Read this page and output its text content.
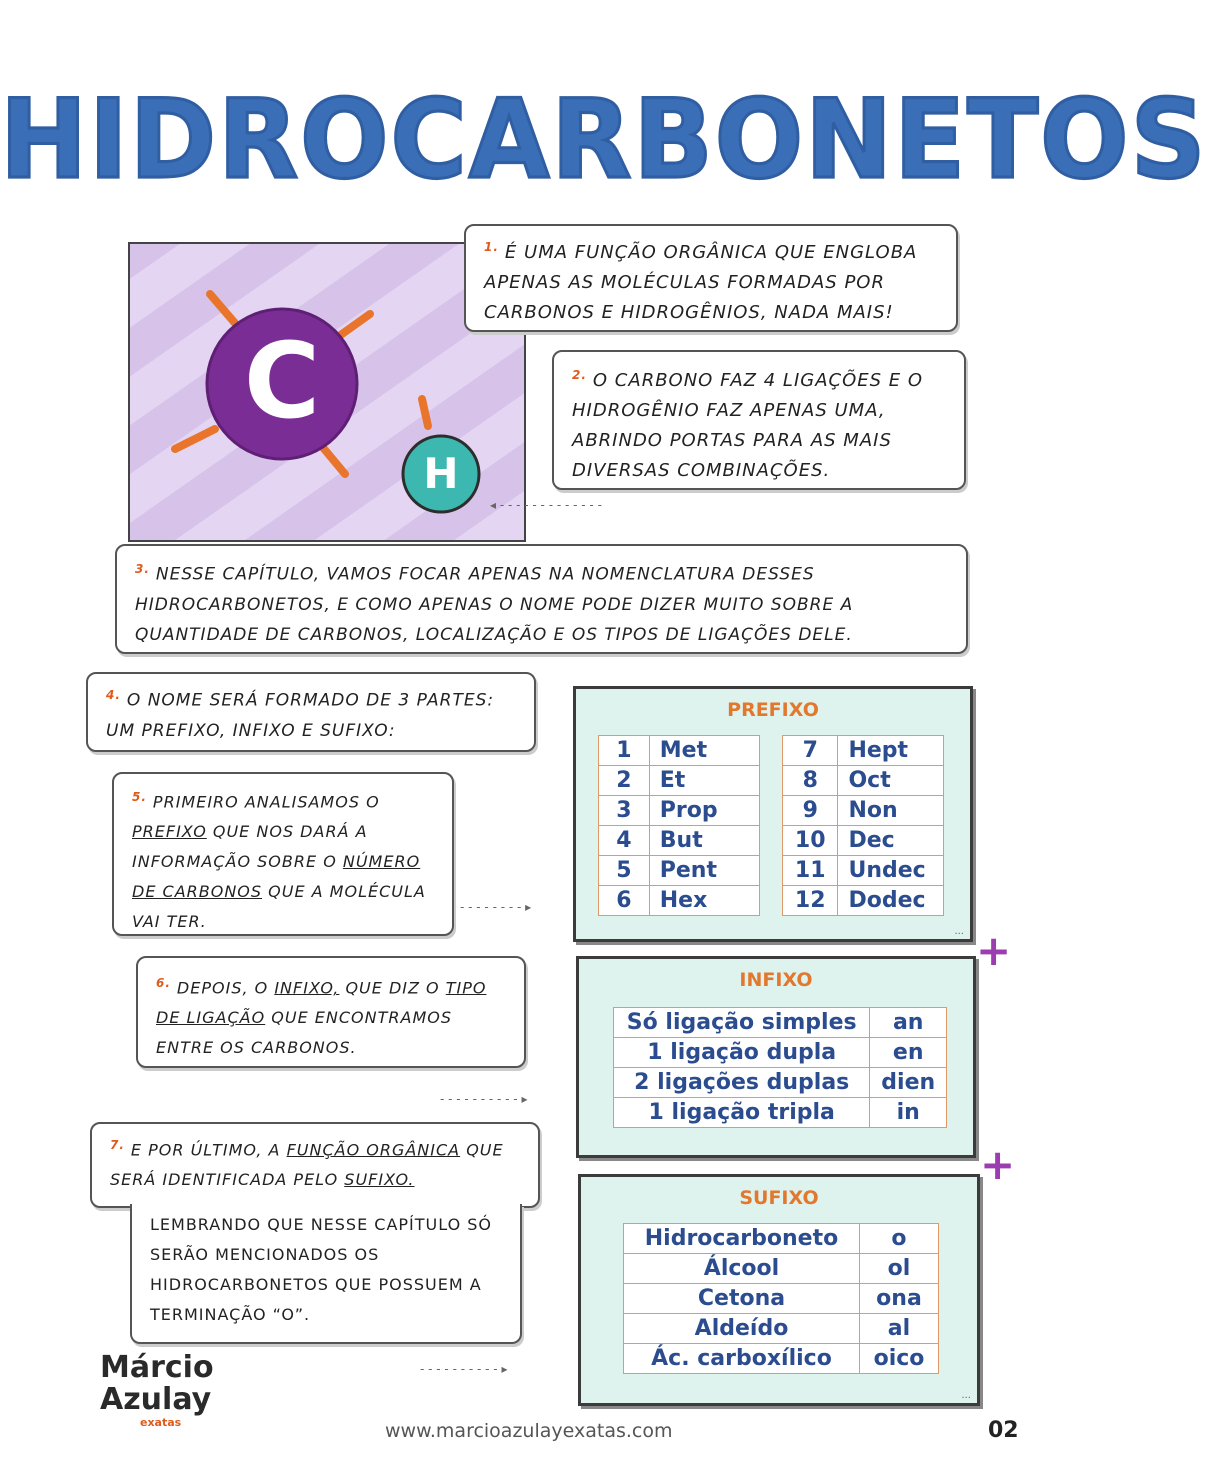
HIDROCARBONETOS
C
H
$^{1.}$ É UMA FUNÇÃO ORGÂNICA QUE ENGLOBA APENAS AS MOLÉCULAS FORMADAS POR CARBONOS E HIDROGÊNIOS, NADA MAIS!
$^{2.}$ O CARBONO FAZ 4 LIGAÇÕES E O HIDROGÊNIO FAZ APENAS UMA, ABRINDO PORTAS PARA AS MAIS DIVERSAS COMBINAÇÕES.
◂ - - - - - - - - - - - - -
$^{3.}$ NESSE CAPÍTULO, VAMOS FOCAR APENAS NA NOMENCLATURA DESSES HIDROCARBONETOS, E COMO APENAS O NOME PODE DIZER MUITO SOBRE A QUANTIDADE DE CARBONOS, LOCALIZAÇÃO E OS TIPOS DE LIGAÇÕES DELE.
$^{4.}$ O NOME SERÁ FORMADO DE 3 PARTES: UM PREFIXO, INFIXO E SUFIXO:
$^{5.}$ PRIMEIRO ANALISAMOS O PREFIXO QUE NOS DARÁ A INFORMAÇÃO SOBRE O NÚMERO DE CARBONOS QUE A MOLÉCULA VAI TER.
- - - - - - - - ▸
$^{6.}$ DEPOIS, O INFIXO, QUE DIZ O TIPO DE LIGAÇÃO QUE ENCONTRAMOS ENTRE OS CARBONOS.
- - - - - - - - - - ▸
$^{7.}$ E POR ÚLTIMO, A FUNÇÃO ORGÂNICA QUE SERÁ IDENTIFICADA PELO SUFIXO.
LEMBRANDO QUE NESSE CAPÍTULO SÓ SERÃO MENCIONADOS OS HIDROCARBONETOS QUE POSSUEM A TERMINAÇÃO “O”.
- - - - - - - - - - ▸
PREFIXO
1	Met
2	Et
3	Prop
4	But
5	Pent
6	Hex
7	Hept
8	Oct
9	Non
10	Dec
11	Undec
12	Dodec
... +
INFIXO
Só ligação simples	an
1 ligação dupla	en
2 ligações duplas	dien
1 ligação tripla	in
+
SUFIXO
Hidrocarboneto	o
Álcool	ol
Cetona	ona
Aldeído	al
Ác. carboxílico	oico
...
Márcio
Azulay
exatas	www.marcioazulayexatas.com	02
